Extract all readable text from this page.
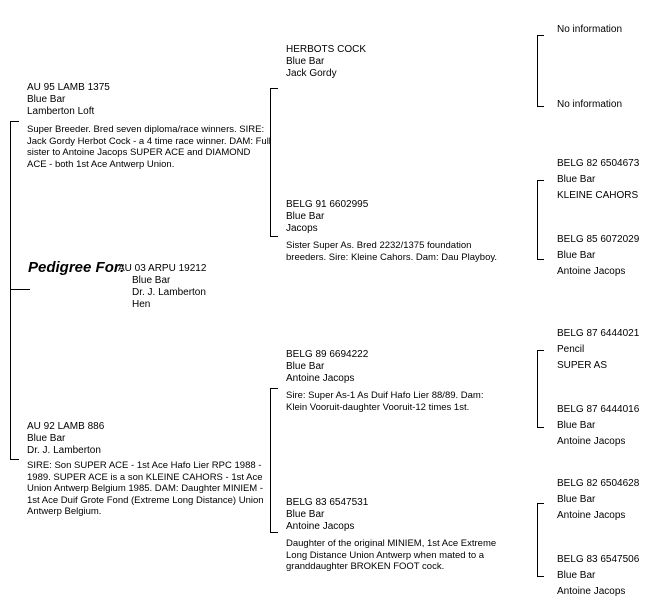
Pedigree For:
AU 03 ARPU 19212
Blue Bar
Dr. J. Lamberton
Hen
AU 95 LAMB 1375
Blue Bar
Lamberton Loft
Super Breeder. Bred seven diploma/race winners. SIRE: Jack Gordy Herbot Cock - a 4 time race winner. DAM: Full sister to Antoine Jacops SUPER ACE and DIAMOND ACE - both 1st Ace Antwerp Union.
AU 92 LAMB 886
Blue Bar
Dr. J. Lamberton
SIRE: Son SUPER ACE - 1st Ace Hafo Lier RPC 1988 - 1989. SUPER ACE is a son KLEINE CAHORS - 1st Ace Union Antwerp Belgium 1985. DAM: Daughter MINIEM - 1st Ace Duif Grote Fond (Extreme Long Distance) Union Antwerp Belgium.
HERBOTS COCK
Blue Bar
Jack Gordy
BELG 91 6602995
Blue Bar
Jacops
Sister Super As. Bred 2232/1375 foundation breeders. Sire: Kleine Cahors. Dam: Dau Playboy.
BELG 89 6694222
Blue Bar
Antoine Jacops
Sire: Super As-1 As Duif Hafo Lier 88/89. Dam: Klein Vooruit-daughter Vooruit-12 times 1st.
BELG 83 6547531
Blue Bar
Antoine Jacops
Daughter of the original MINIEM, 1st Ace Extreme Long Distance Union Antwerp when mated to a granddaughter BROKEN FOOT cock.
No information
No information
BELG 82 6504673
Blue Bar
KLEINE CAHORS
BELG 85 6072029
Blue Bar
Antoine Jacops
BELG 87 6444021
Pencil
SUPER AS
BELG 87 6444016
Blue Bar
Antoine Jacops
BELG 82 6504628
Blue Bar
Antoine Jacops
BELG 83 6547506
Blue Bar
Antoine Jacops
